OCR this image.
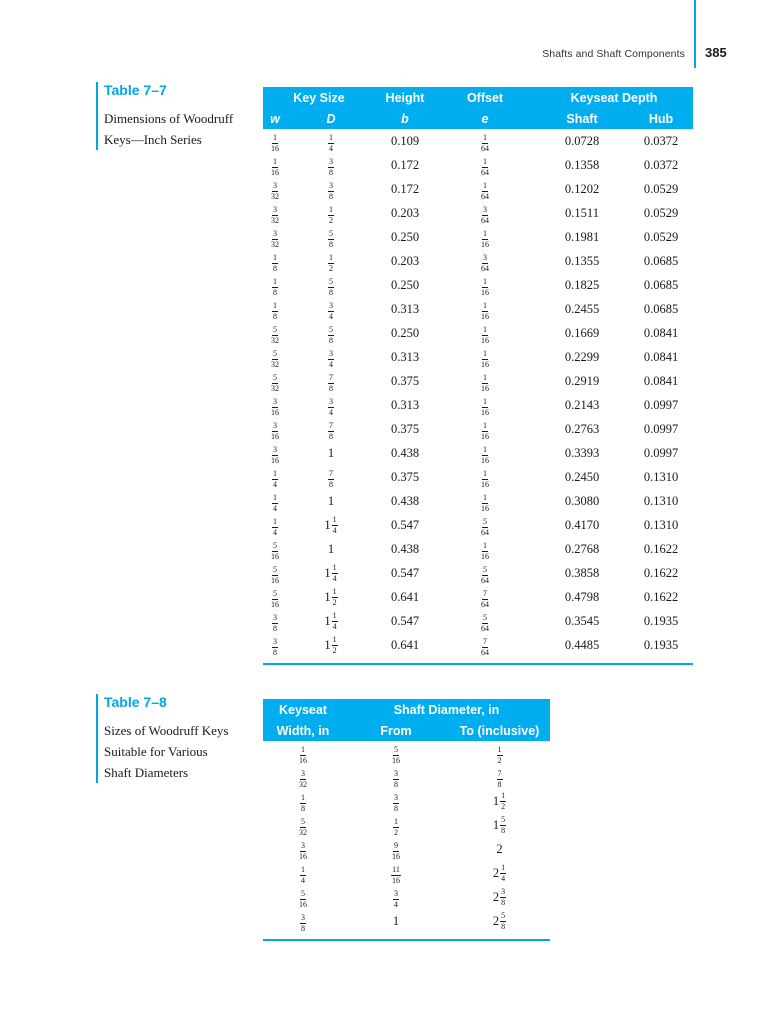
Shafts and Shaft Components 385
Table 7–7
Dimensions of Woodruff
Keys—Inch Series
Key Size		Height	Offset	Keyseat Depth	
w	D	b	e	Shaft	Hub

$\frac{1}{16}$	$\frac{1}{4}$	0.109	$\frac{1}{64}$	0.0728	0.0372

$\frac{1}{16}$	$\frac{3}{8}$	0.172	$\frac{1}{64}$	0.1358	0.0372

$\frac{3}{32}$	$\frac{3}{8}$	0.172	$\frac{1}{64}$	0.1202	0.0529

$\frac{3}{32}$	$\frac{1}{2}$	0.203	$\frac{3}{64}$	0.1511	0.0529

$\frac{3}{32}$	$\frac{5}{8}$	0.250	$\frac{1}{16}$	0.1981	0.0529

$\frac{1}{8}$	$\frac{1}{2}$	0.203	$\frac{3}{64}$	0.1355	0.0685

$\frac{1}{8}$	$\frac{5}{8}$	0.250	$\frac{1}{16}$	0.1825	0.0685

$\frac{1}{8}$	$\frac{3}{4}$	0.313	$\frac{1}{16}$	0.2455	0.0685

$\frac{5}{32}$	$\frac{5}{8}$	0.250	$\frac{1}{16}$	0.1669	0.0841

$\frac{5}{32}$	$\frac{3}{4}$	0.313	$\frac{1}{16}$	0.2299	0.0841

$\frac{5}{32}$	$\frac{7}{8}$	0.375	$\frac{1}{16}$	0.2919	0.0841

$\frac{3}{16}$	$\frac{3}{4}$	0.313	$\frac{1}{16}$	0.2143	0.0997

$\frac{3}{16}$	$\frac{7}{8}$	0.375	$\frac{1}{16}$	0.2763	0.0997

$\frac{3}{16}$	1	0.438	$\frac{1}{16}$	0.3393	0.0997

$\frac{1}{4}$	$\frac{7}{8}$	0.375	$\frac{1}{16}$	0.2450	0.1310

$\frac{1}{4}$	1	0.438	$\frac{1}{16}$	0.3080	0.1310

$\frac{1}{4}$	$1 \frac{1}{4}$	0.547	$\frac{5}{64}$	0.4170	0.1310

$\frac{5}{16}$	1	0.438	$\frac{1}{16}$	0.2768	0.1622

$\frac{5}{16}$	$1 \frac{1}{4}$	0.547	$\frac{5}{64}$	0.3858	0.1622

$\frac{5}{16}$	$1 \frac{1}{2}$	0.641	$\frac{7}{64}$	0.4798	0.1622

$\frac{3}{8}$	$1 \frac{1}{4}$	0.547	$\frac{5}{64}$	0.3545	0.1935

$\frac{3}{8}$	$1 \frac{1}{2}$	0.641	$\frac{7}{64}$	0.4485	0.1935
Table 7–8
Sizes of Woodruff Keys
Suitable for Various
Shaft Diameters
Keyseat	Shaft Diameter, in	
Width, in	From	To (inclusive)

$\frac{1}{16}$	$\frac{5}{16}$	$\frac{1}{2}$

$\frac{3}{32}$	$\frac{3}{8}$	$\frac{7}{8}$

$\frac{1}{8}$	$\frac{3}{8}$	$1 \frac{1}{2}$

$\frac{5}{32}$	$\frac{1}{2}$	$1 \frac{5}{8}$

$\frac{3}{16}$	$\frac{9}{16}$	2

$\frac{1}{4}$	$\frac{11}{16}$	$2 \frac{1}{4}$

$\frac{5}{16}$	$\frac{3}{4}$	$2 \frac{3}{8}$

$\frac{3}{8}$	1	$2 \frac{5}{8}$
